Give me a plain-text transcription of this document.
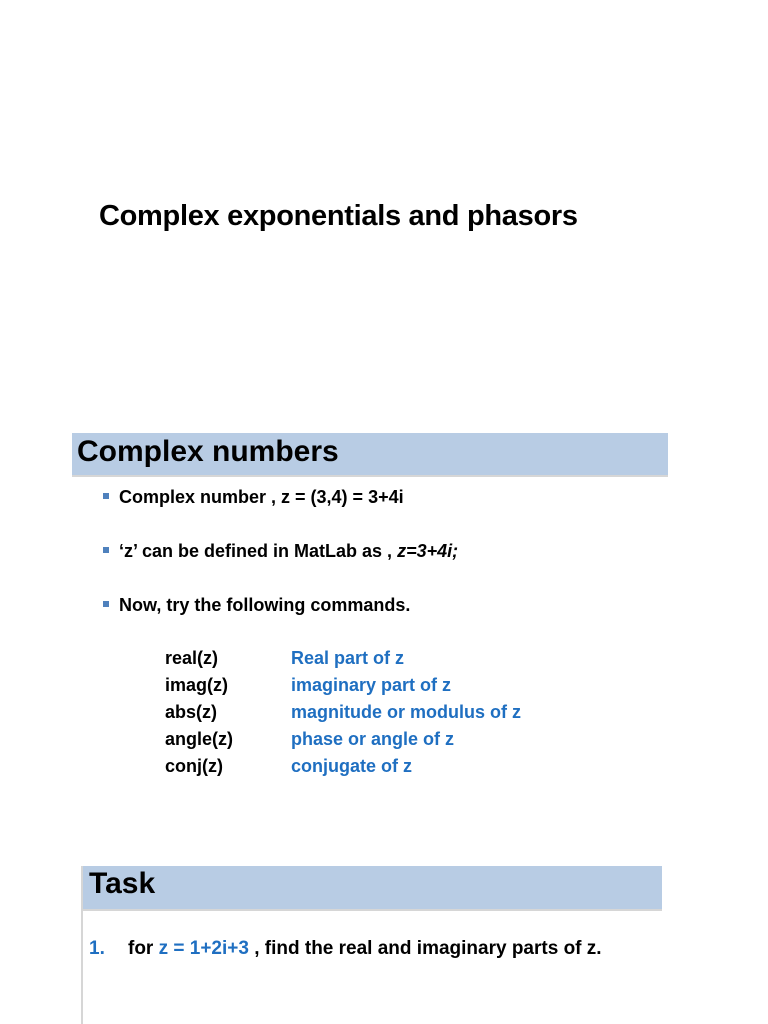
Complex exponentials and phasors
Complex numbers
Complex number , z = (3,4) = 3+4i
‘z’ can be defined in MatLab as , z=3+4i;
Now, try the following commands.
real(z)	Real part of z
imag(z)	imaginary part of z
abs(z)	magnitude or modulus of z
angle(z)	phase or angle of z
conj(z)	conjugate of z
Task
1. for z = 1+2i+3 , find the real and imaginary parts of z.
